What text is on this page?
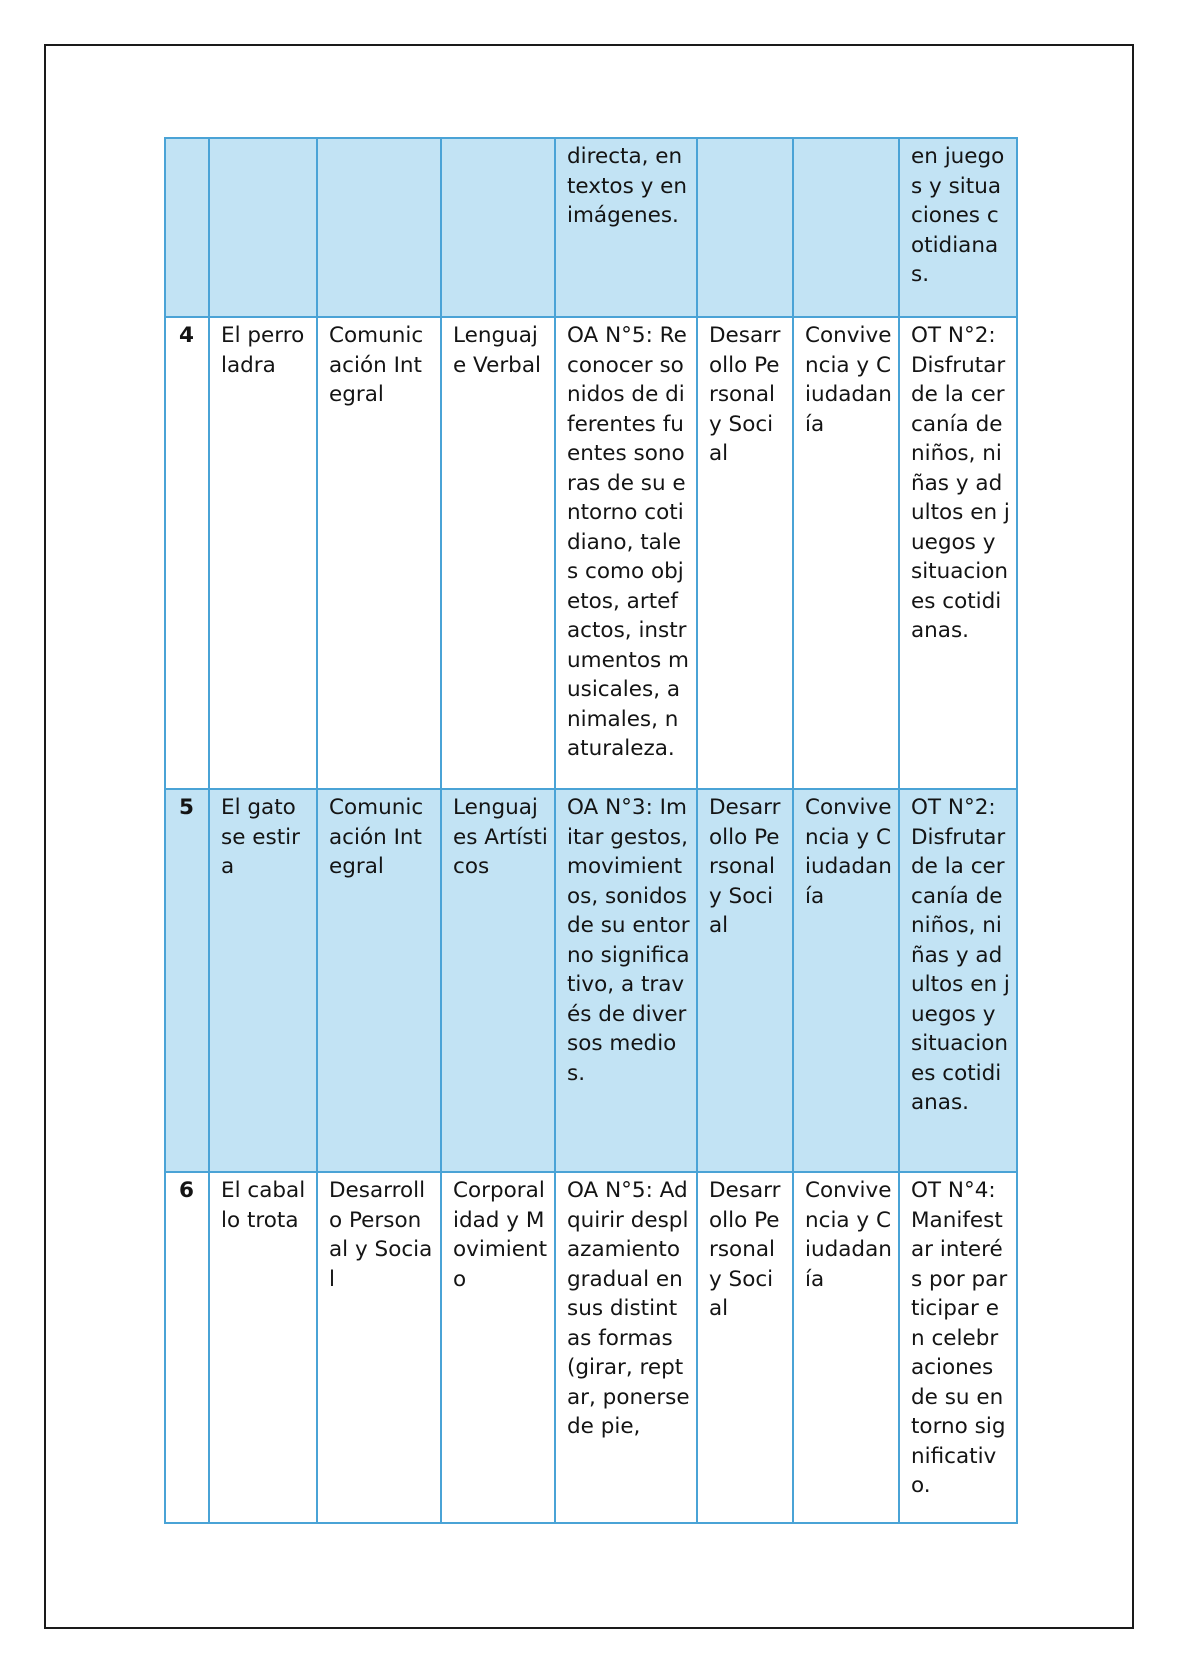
				directa, en textos y en imágenes.			en juegos y situaciones cotidianas.
4	El perro ladra	Comunicación Integral	Lenguaje Verbal	OA N°5: Reconocer sonidos de diferentes fuentes sonoras de su entorno cotidiano, tales como objetos, artefactos, instrumentos musicales, animales, naturaleza.	Desarrollo Personal y Social	Convivencia y Ciudadanía	OT N°2: Disfrutar de la cercanía de niños, niñas y adultos en juegos y situaciones cotidianas.
5	El gato se estira	Comunicación Integral	Lenguajes Artísticos	OA N°3: Imitar gestos, movimientos, sonidos de su entorno significativo, a través de diversos medios.	Desarrollo Personal y Social	Convivencia y Ciudadanía	OT N°2: Disfrutar de la cercanía de niños, niñas y adultos en juegos y situaciones cotidianas.
6	El caballo trota	Desarrollo Personal y Social	Corporalidad y Movimiento	OA N°5: Adquirir desplazamiento gradual en sus distintas formas (girar, reptar, ponerse de pie,	Desarrollo Personal y Social	Convivencia y Ciudadanía	OT N°4: Manifestar interés por participar en celebraciones de su entorno significativo.
